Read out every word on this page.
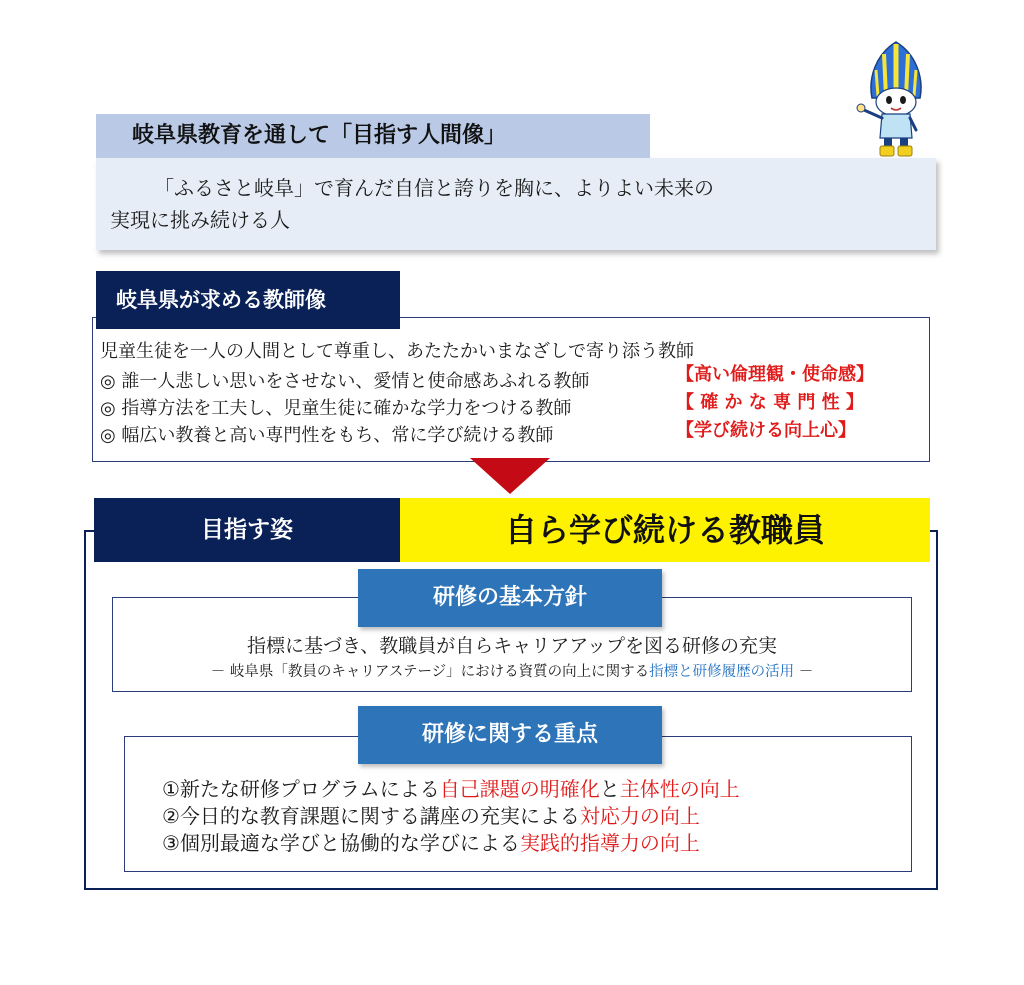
岐阜県教育を通して「目指す人間像」
「ふるさと岐阜」で育んだ自信と誇りを胸に、よりよい未来の
実現に挑み続ける人
岐阜県が求める教師像
児童生徒を一人の人間として尊重し、あたたかいまなざしで寄り添う教師
◎ 誰一人悲しい思いをさせない、愛情と使命感あふれる教師
◎ 指導方法を工夫し、児童生徒に確かな学力をつける教師
◎ 幅広い教養と高い専門性をもち、常に学び続ける教師
【高い倫理観・使命感】
【 確 か な 専 門 性 】
【学び続ける向上心】
目指す姿	自ら学び続ける教職員
研修の基本方針
指標に基づき、教職員が自らキャリアアップを図る研修の充実
－ 岐阜県「教員のキャリアステージ」における資質の向上に関する指標と研修履歴の活用 －
研修に関する重点
①新たな研修プログラムによる自己課題の明確化と主体性の向上
②今日的な教育課題に関する講座の充実による対応力の向上
③個別最適な学びと協働的な学びによる実践的指導力の向上
